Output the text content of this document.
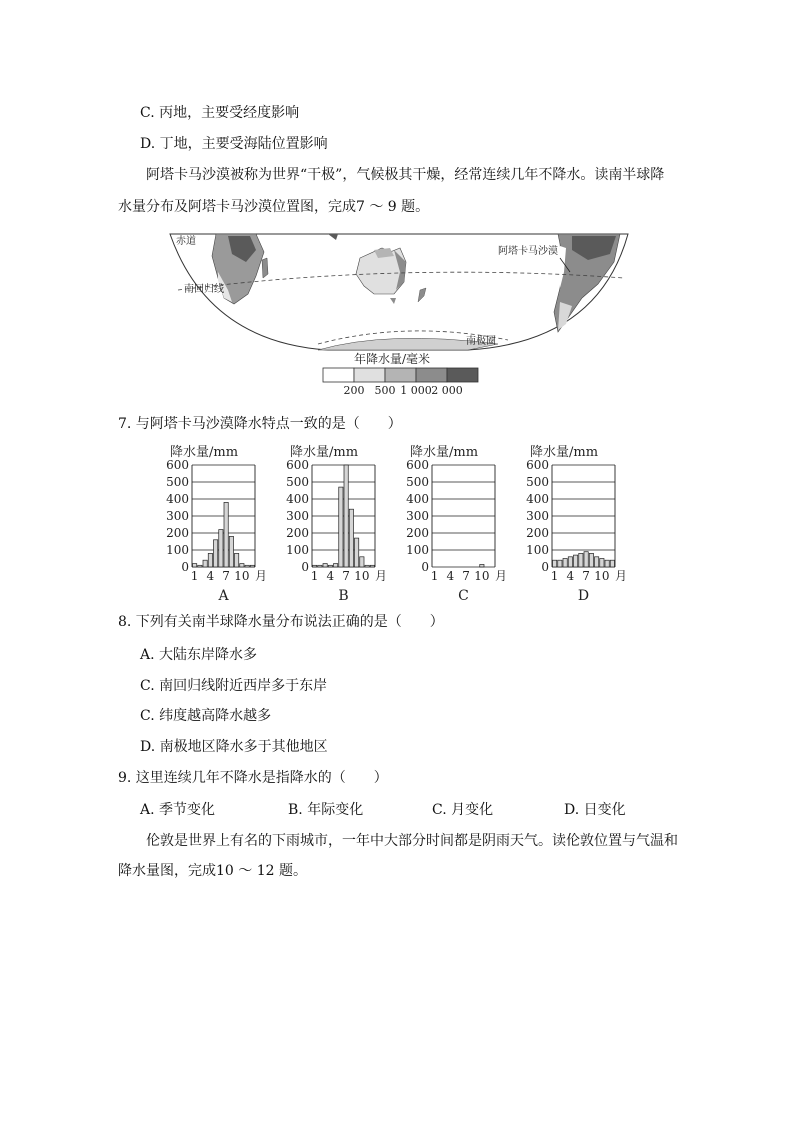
C. 丙地，主要受经度影响
D. 丁地，主要受海陆位置影响
阿塔卡马沙漠被称为世界“干极”，气候极其干燥，经常连续几年不降水。读南半球降
水量分布及阿塔卡马沙漠位置图，完成7 ～ 9 题。
赤道
南回归线
阿塔卡马沙漠
南极圈
年降水量/毫米
200 500 1 000 2 000
7. 与阿塔卡马沙漠降水特点一致的是（　　）
降水量/mm
0
100
200
300
400
500
600
1 4 7 10 月
A
降水量/mm
0
100
200
300
400
500
600
1 4 7 10 月
B
降水量/mm
0
100
200
300
400
500
600
1 4 7 10 月
C
降水量/mm
0
100
200
300
400
500
600
1 4 7 10 月
D
8. 下列有关南半球降水量分布说法正确的是（　　）
A. 大陆东岸降水多
C. 南回归线附近西岸多于东岸
C. 纬度越高降水越多
D. 南极地区降水多于其他地区
9. 这里连续几年不降水是指降水的（　　）
A. 季节变化	B. 年际变化	C. 月变化	D. 日变化
伦敦是世界上有名的下雨城市，一年中大部分时间都是阴雨天气。读伦敦位置与气温和
降水量图，完成10 ～ 12 题。
